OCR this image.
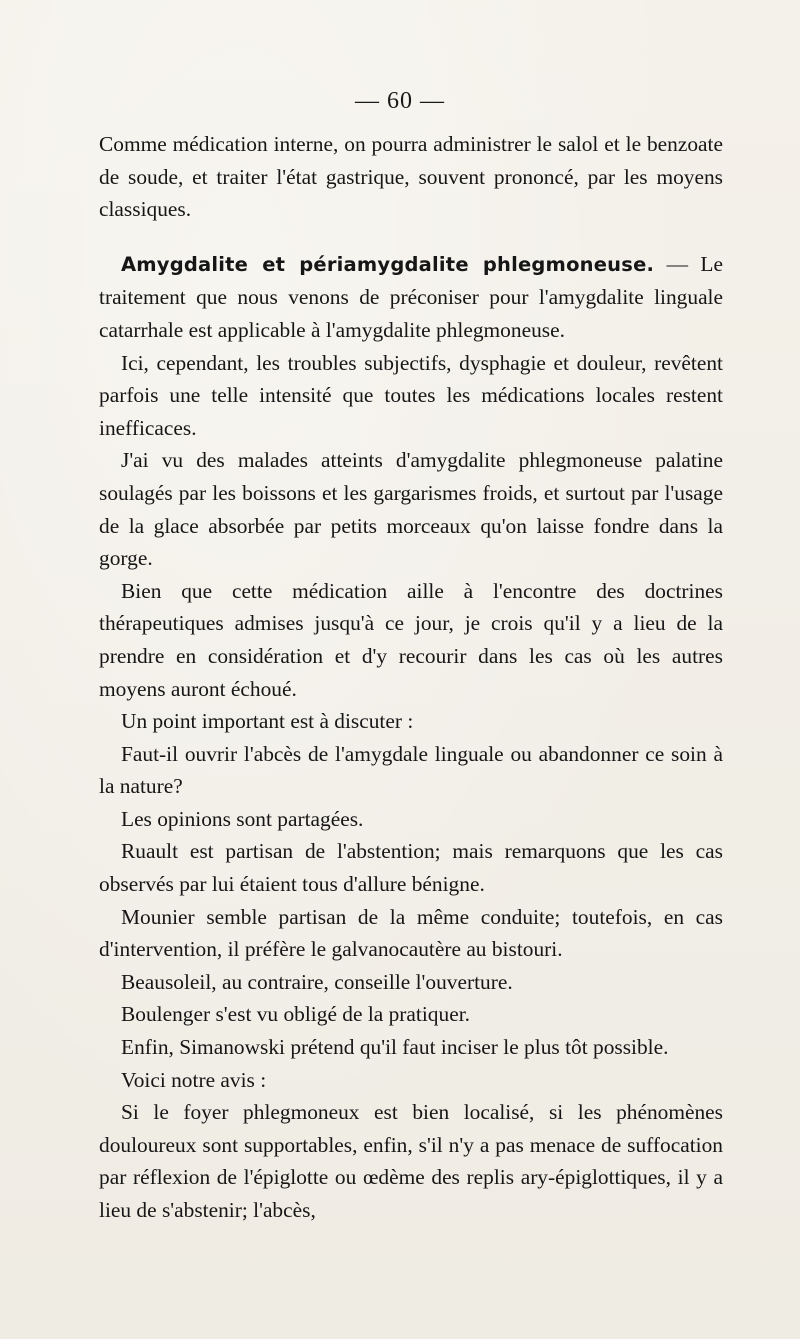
— 60 —

Comme médication interne, on pourra administrer le salol et le benzoate de soude, et traiter l'état gastrique, souvent prononcé, par les moyens classiques.

Amygdalite et périamygdalite phlegmoneuse. — Le traitement que nous venons de préconiser pour l'amygdalite linguale catarrhale est applicable à l'amygdalite phlegmoneuse.

Ici, cependant, les troubles subjectifs, dysphagie et douleur, revêtent parfois une telle intensité que toutes les médications locales restent inefficaces.

J'ai vu des malades atteints d'amygdalite phlegmoneuse palatine soulagés par les boissons et les gargarismes froids, et surtout par l'usage de la glace absorbée par petits morceaux qu'on laisse fondre dans la gorge.

Bien que cette médication aille à l'encontre des doctrines thérapeutiques admises jusqu'à ce jour, je crois qu'il y a lieu de la prendre en considération et d'y recourir dans les cas où les autres moyens auront échoué.

Un point important est à discuter :

Faut-il ouvrir l'abcès de l'amygdale linguale ou abandonner ce soin à la nature?

Les opinions sont partagées.

Ruault est partisan de l'abstention; mais remarquons que les cas observés par lui étaient tous d'allure bénigne.

Mounier semble partisan de la même conduite; toutefois, en cas d'intervention, il préfère le galvanocautère au bistouri.

Beausoleil, au contraire, conseille l'ouverture.

Boulenger s'est vu obligé de la pratiquer.

Enfin, Simanowski prétend qu'il faut inciser le plus tôt possible.

Voici notre avis :

Si le foyer phlegmoneux est bien localisé, si les phénomènes douloureux sont supportables, enfin, s'il n'y a pas menace de suffocation par réflexion de l'épiglotte ou œdème des replis ary-épiglottiques, il y a lieu de s'abstenir; l'abcès,
